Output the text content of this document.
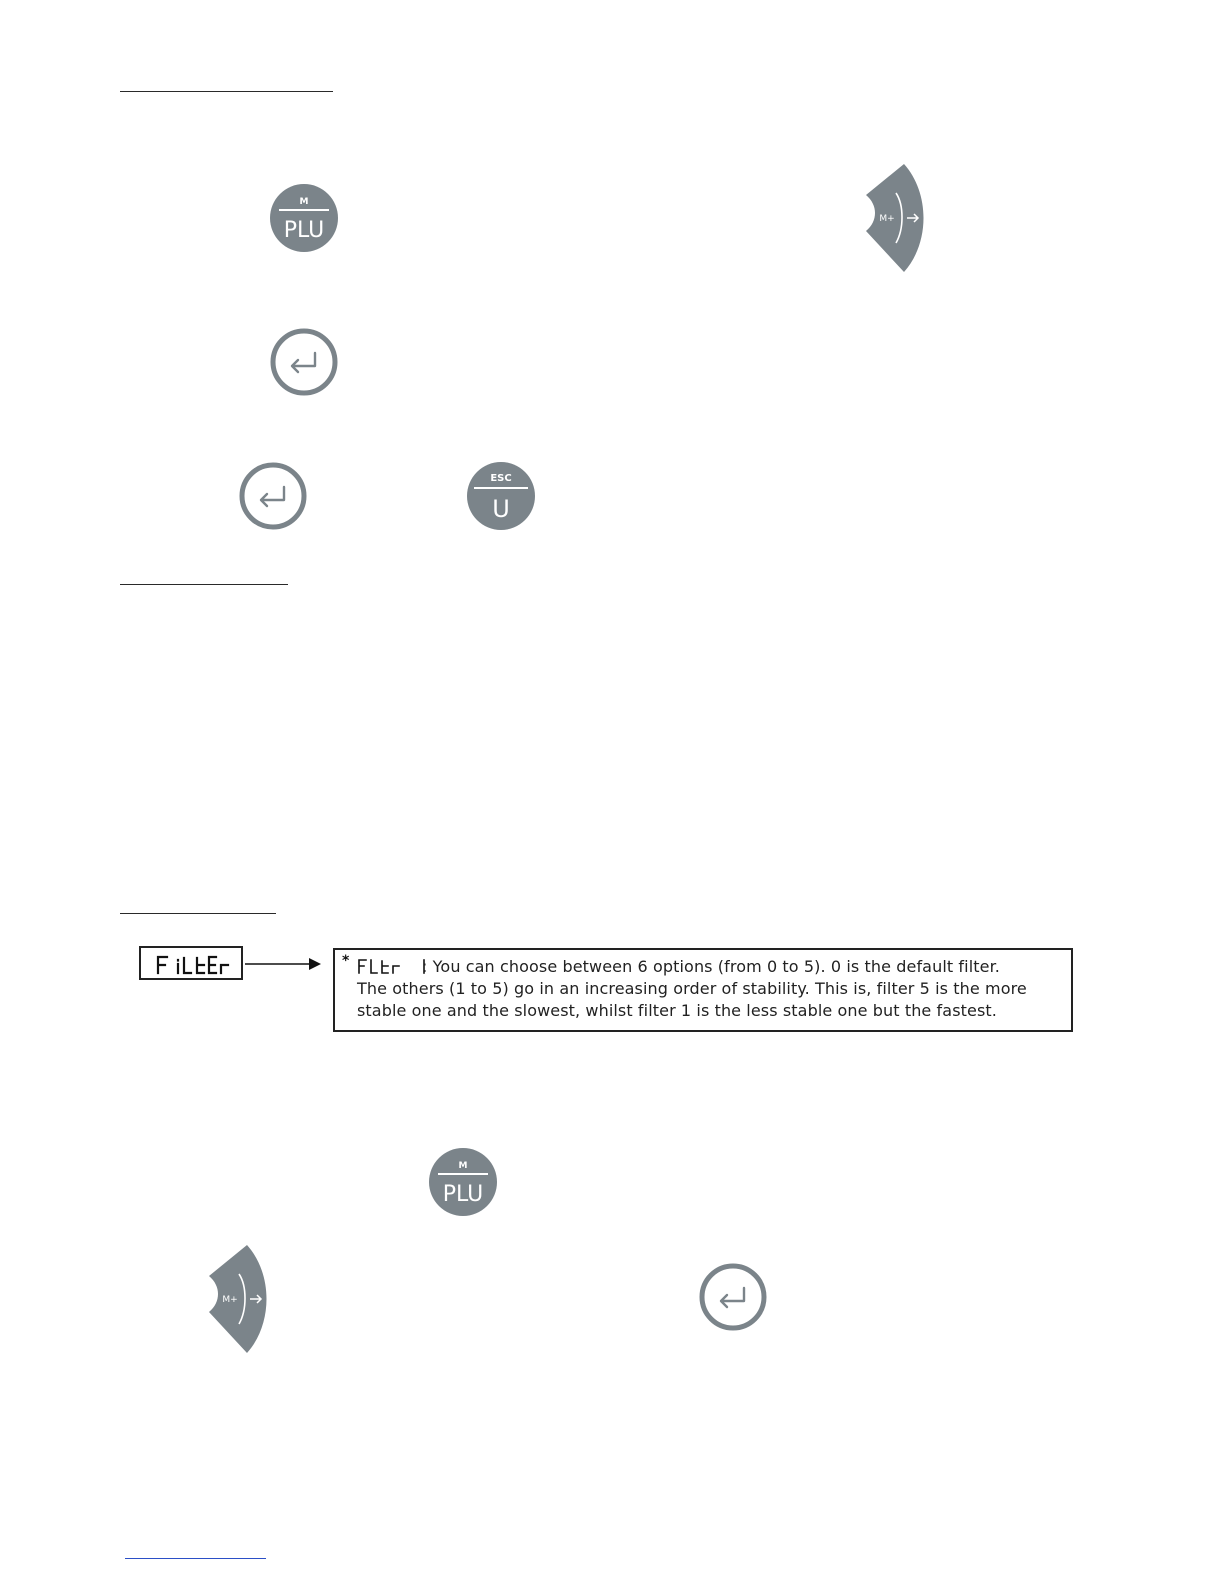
M
PLU	M+
ESC
U
*	: You can choose between 6 options (from 0 to 5). 0 is the default filter.
The others (1 to 5) go in an increasing order of stability. This is, filter 5 is the more
stable one and the slowest, whilst filter 1 is the less stable one but the fastest.
M
PLU
M+
